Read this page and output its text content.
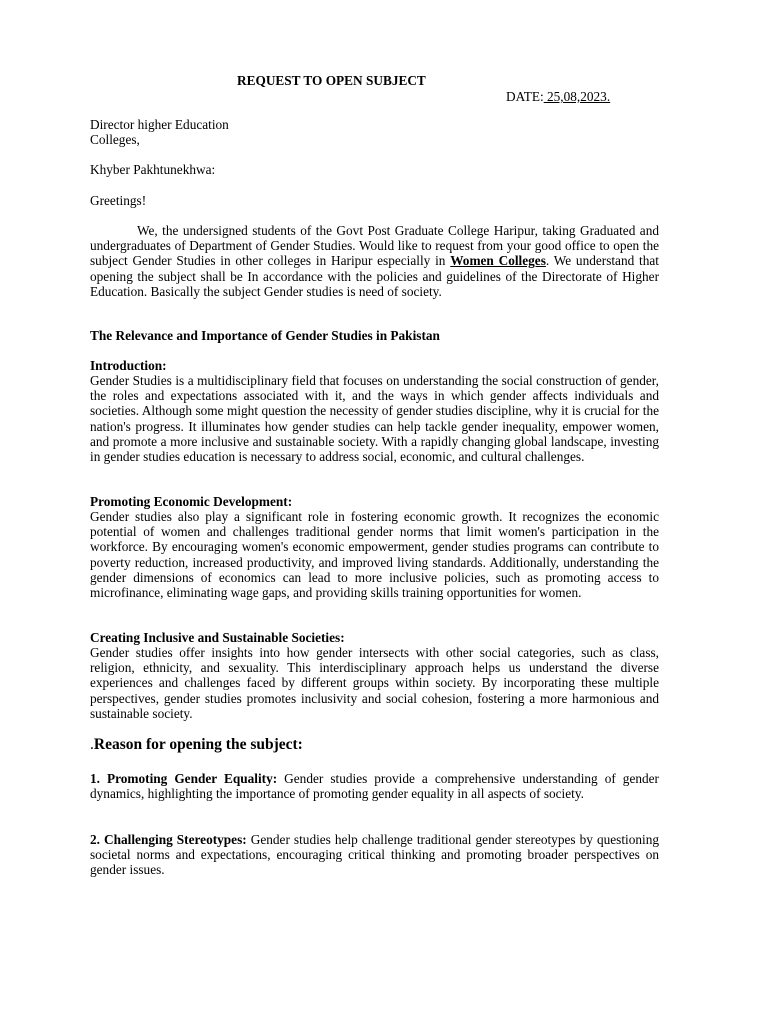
REQUEST TO OPEN SUBJECT
DATE: 25,08,2023.
Director higher Education
Colleges,
Khyber Pakhtunekhwa:
Greetings!

We, the undersigned students of the Govt Post Graduate College Haripur, taking Graduated and undergraduates of Department of Gender Studies. Would like to request from your good office to open the subject Gender Studies in other colleges in Haripur especially in Women Colleges. We understand that opening the subject shall be In accordance with the policies and guidelines of the Directorate of Higher Education. Basically the subject Gender studies is need of society.

The Relevance and Importance of Gender Studies in Pakistan
Introduction:

Gender Studies is a multidisciplinary field that focuses on understanding the social construction of gender, the roles and expectations associated with it, and the ways in which gender affects individuals and societies. Although some might question the necessity of gender studies discipline, why it is crucial for the nation's progress. It illuminates how gender studies can help tackle gender inequality, empower women, and promote a more inclusive and sustainable society. With a rapidly changing global landscape, investing in gender studies education is necessary to address social, economic, and cultural challenges.

Promoting Economic Development:

Gender studies also play a significant role in fostering economic growth. It recognizes the economic potential of women and challenges traditional gender norms that limit women's participation in the workforce. By encouraging women's economic empowerment, gender studies programs can contribute to poverty reduction, increased productivity, and improved living standards. Additionally, understanding the gender dimensions of economics can lead to more inclusive policies, such as promoting access to microfinance, eliminating wage gaps, and providing skills training opportunities for women.

Creating Inclusive and Sustainable Societies:

Gender studies offer insights into how gender intersects with other social categories, such as class, religion, ethnicity, and sexuality. This interdisciplinary approach helps us understand the diverse experiences and challenges faced by different groups within society. By incorporating these multiple perspectives, gender studies promotes inclusivity and social cohesion, fostering a more harmonious and sustainable society.

.Reason for opening the subject:

1. Promoting Gender Equality: Gender studies provide a comprehensive understanding of gender dynamics, highlighting the importance of promoting gender equality in all aspects of society.

2. Challenging Stereotypes: Gender studies help challenge traditional gender stereotypes by questioning societal norms and expectations, encouraging critical thinking and promoting broader perspectives on gender issues.
